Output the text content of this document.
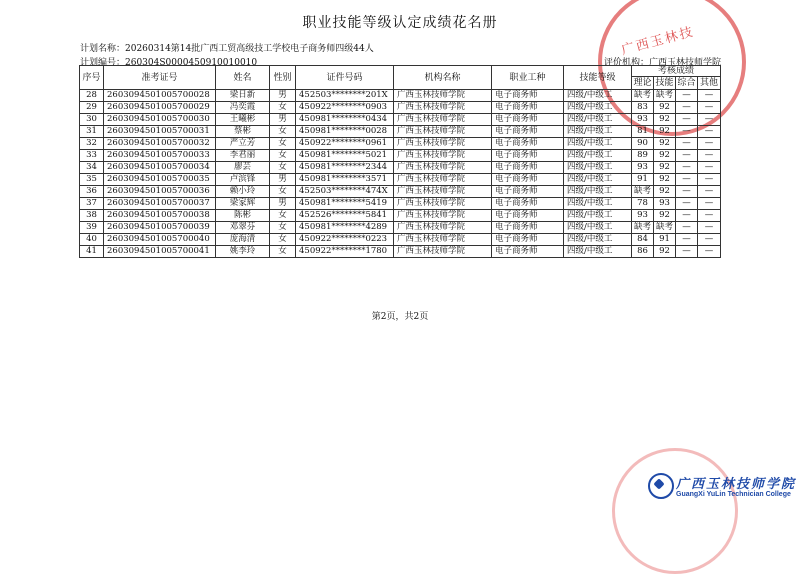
职业技能等级认定成绩花名册
计划名称：20260314第14批广西工贸高级技工学校电子商务师四级44人
计划编号：260304S0000450910010010	评价机构：广西玉林技师学院
广西玉林技
序号	准考证号	姓名	性别	证件号码	机构名称	职业工种	技能等级	考核成绩			
								理论	技能	综合	其他
28	2603094501005700028	梁日新	男	452503********201X	广西玉林技师学院	电子商务师	四级/中级工	缺考	缺考	—	—
29	2603094501005700029	冯奕霞	女	450922********0903	广西玉林技师学院	电子商务师	四级/中级工	83	92	—	—
30	2603094501005700030	王曦彬	男	450981********0434	广西玉林技师学院	电子商务师	四级/中级工	93	92	—	—
31	2603094501005700031	蔡彬	女	450981********0028	广西玉林技师学院	电子商务师	四级/中级工	81	92	—	—
32	2603094501005700032	严立芳	女	450922********0961	广西玉林技师学院	电子商务师	四级/中级工	90	92	—	—
33	2603094501005700033	李君丽	女	450981********5021	广西玉林技师学院	电子商务师	四级/中级工	89	92	—	—
34	2603094501005700034	廖芸	女	450981********2344	广西玉林技师学院	电子商务师	四级/中级工	93	92	—	—
35	2603094501005700035	卢滨锋	男	450981********3571	广西玉林技师学院	电子商务师	四级/中级工	91	92	—	—
36	2603094501005700036	赖小玲	女	452503********474X	广西玉林技师学院	电子商务师	四级/中级工	缺考	92	—	—
37	2603094501005700037	梁家辉	男	450981********5419	广西玉林技师学院	电子商务师	四级/中级工	78	93	—	—
38	2603094501005700038	陈彬	女	452526********5841	广西玉林技师学院	电子商务师	四级/中级工	93	92	—	—
39	2603094501005700039	邓翠芬	女	450981********4289	广西玉林技师学院	电子商务师	四级/中级工	缺考	缺考	—	—
40	2603094501005700040	庞海清	女	450922********0223	广西玉林技师学院	电子商务师	四级/中级工	84	91	—	—
41	2603094501005700041	姚李玲	女	450922********1780	广西玉林技师学院	电子商务师	四级/中级工	86	92	—	—
第2页，共2页
广西玉林技师学院
GuangXi YuLin Technician College
